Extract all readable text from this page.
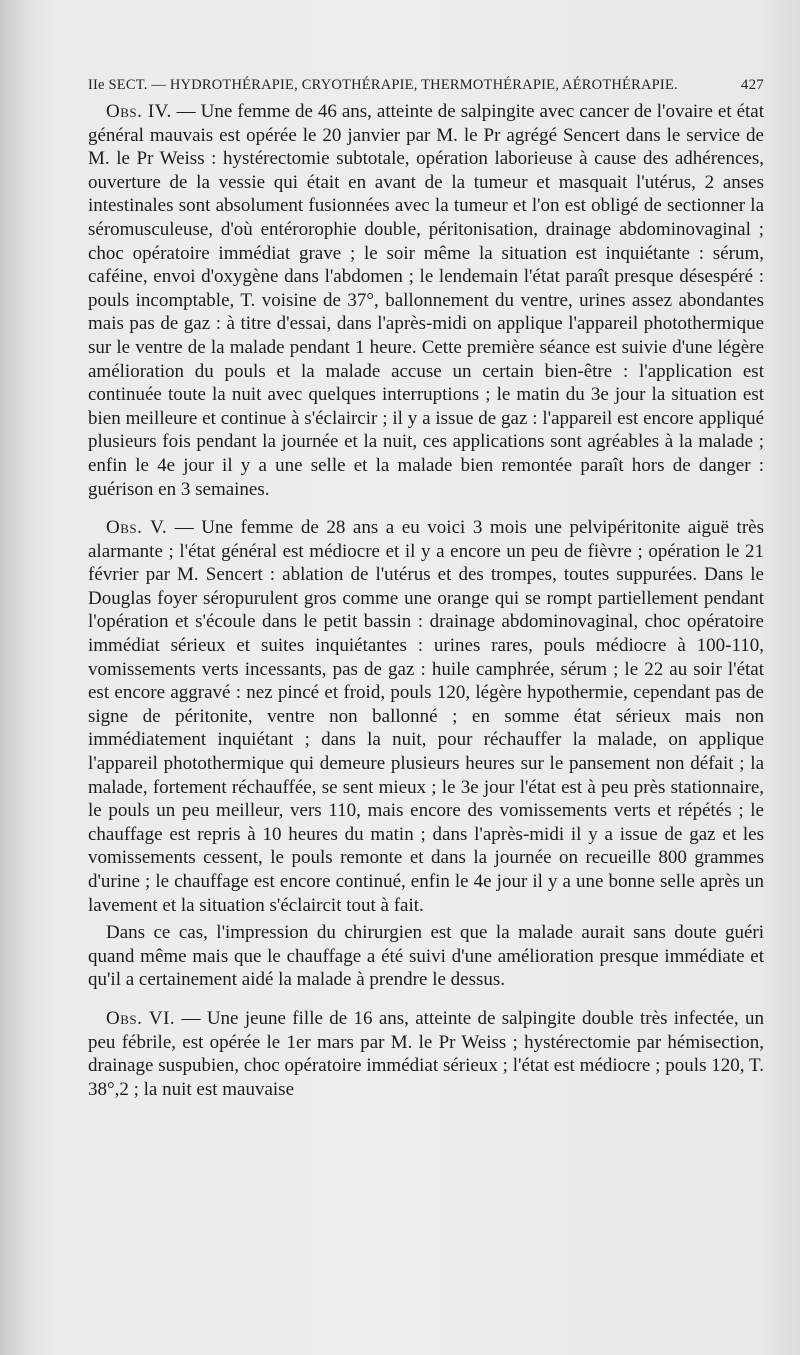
IIe SECT. — HYDROTHÉRAPIE, CRYOTHÉRAPIE, THERMOTHÉRAPIE, AÉROTHÉRAPIE.	427

Obs. IV. — Une femme de 46 ans, atteinte de salpingite avec cancer de l'ovaire et état général mauvais est opérée le 20 janvier par M. le Pr agrégé Sencert dans le service de M. le Pr Weiss : hystérectomie subtotale, opération laborieuse à cause des adhérences, ouverture de la vessie qui était en avant de la tumeur et masquait l'utérus, 2 anses intestinales sont absolument fusionnées avec la tumeur et l'on est obligé de sectionner la séromusculeuse, d'où entérorophie double, péritonisation, drainage abdominovaginal ; choc opératoire immédiat grave ; le soir même la situation est inquiétante : sérum, caféine, envoi d'oxygène dans l'abdomen ; le lendemain l'état paraît presque désespéré : pouls incomptable, T. voisine de 37°, ballonnement du ventre, urines assez abondantes mais pas de gaz : à titre d'essai, dans l'après-midi on applique l'appareil photothermique sur le ventre de la malade pendant 1 heure. Cette première séance est suivie d'une légère amélioration du pouls et la malade accuse un certain bien-être : l'application est continuée toute la nuit avec quelques interruptions ; le matin du 3e jour la situation est bien meilleure et continue à s'éclaircir ; il y a issue de gaz : l'appareil est encore appliqué plusieurs fois pendant la journée et la nuit, ces applications sont agréables à la malade ; enfin le 4e jour il y a une selle et la malade bien remontée paraît hors de danger : guérison en 3 semaines.

Obs. V. — Une femme de 28 ans a eu voici 3 mois une pelvipéritonite aiguë très alarmante ; l'état général est médiocre et il y a encore un peu de fièvre ; opération le 21 février par M. Sencert : ablation de l'utérus et des trompes, toutes suppurées. Dans le Douglas foyer séropurulent gros comme une orange qui se rompt partiellement pendant l'opération et s'écoule dans le petit bassin : drainage abdominovaginal, choc opératoire immédiat sérieux et suites inquiétantes : urines rares, pouls médiocre à 100-110, vomissements verts incessants, pas de gaz : huile camphrée, sérum ; le 22 au soir l'état est encore aggravé : nez pincé et froid, pouls 120, légère hypothermie, cependant pas de signe de péritonite, ventre non ballonné ; en somme état sérieux mais non immédiatement inquiétant ; dans la nuit, pour réchauffer la malade, on applique l'appareil photothermique qui demeure plusieurs heures sur le pansement non défait ; la malade, fortement réchauffée, se sent mieux ; le 3e jour l'état est à peu près stationnaire, le pouls un peu meilleur, vers 110, mais encore des vomissements verts et répétés ; le chauffage est repris à 10 heures du matin ; dans l'après-midi il y a issue de gaz et les vomissements cessent, le pouls remonte et dans la journée on recueille 800 grammes d'urine ; le chauffage est encore continué, enfin le 4e jour il y a une bonne selle après un lavement et la situation s'éclaircit tout à fait.

Dans ce cas, l'impression du chirurgien est que la malade aurait sans doute guéri quand même mais que le chauffage a été suivi d'une amélioration presque immédiate et qu'il a certainement aidé la malade à prendre le dessus.

Obs. VI. — Une jeune fille de 16 ans, atteinte de salpingite double très infectée, un peu fébrile, est opérée le 1er mars par M. le Pr Weiss ; hystérectomie par hémisection, drainage suspubien, choc opératoire immédiat sérieux ; l'état est médiocre ; pouls 120, T. 38°,2 ; la nuit est mauvaise
